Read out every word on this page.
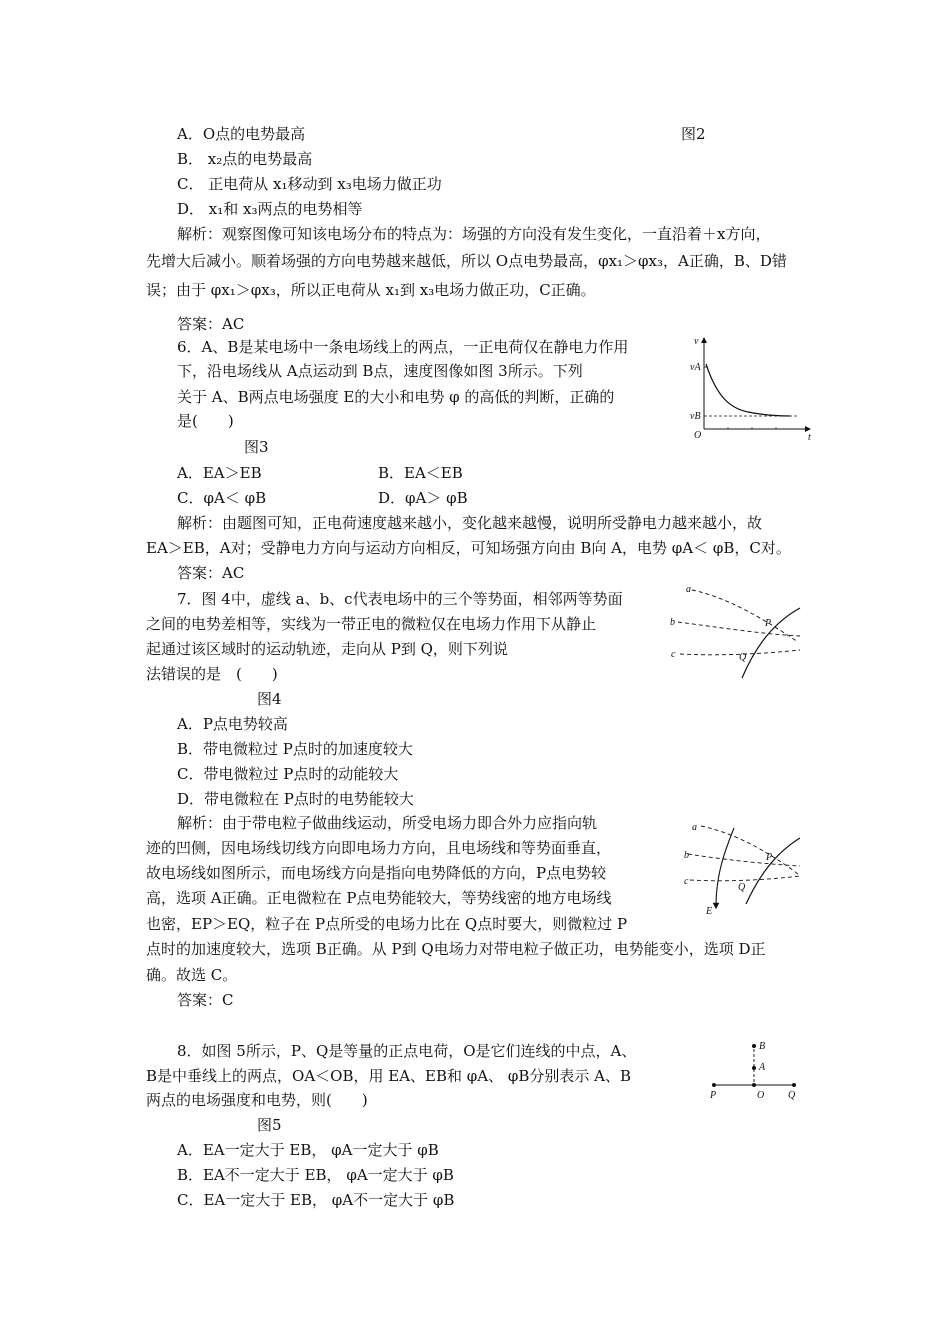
A．O点的电势最高	图2
B． x₂点的电势最高
C． 正电荷从 x₁移动到 x₃电场力做正功
D． x₁和 x₃两点的电势相等
解析：观察图像可知该电场分布的特点为：场强的方向没有发生变化，一直沿着＋x方向，
先增大后减小。顺着场强的方向电势越来越低，所以 O点电势最高，φx₁＞φx₃，A正确，B、D错
误；由于 φx₁＞φx₃，所以正电荷从 x₁到 x₃电场力做正功，C正确。
答案：AC
6．A、B是某电场中一条电场线上的两点，一正电荷仅在静电力作用
下，沿电场线从 A点运动到 B点，速度图像如图 3所示。下列
关于 A、B两点电场强度 E的大小和电势 φ 的高低的判断，正确的
是(　　)
图3
A．EA＞EB	B．EA＜EB
C．φA＜ φB	D．φA＞ φB
解析：由题图可知，正电荷速度越来越小，变化越来越慢，说明所受静电力越来越小，故
EA＞EB，A对；受静电力方向与运动方向相反，可知场强方向由 B向 A，电势 φA＜ φB，C对。
答案：AC
v
vA
vB
O	t
7．图 4中，虚线 a、b、c代表电场中的三个等势面，相邻两等势面
之间的电势差相等，实线为一带正电的微粒仅在电场力作用下从静止
起通过该区域时的运动轨迹，走向从 P到 Q，则下列说
法错误的是　(　　)
图4
A．P点电势较高
B．带电微粒过 P点时的加速度较大
C．带电微粒过 P点时的动能较大
D．带电微粒在 P点时的电势能较大
解析：由于带电粒子做曲线运动，所受电场力即合外力应指向轨
迹的凹侧，因电场线切线方向即电场力方向，且电场线和等势面垂直，
故电场线如图所示，而电场线方向是指向电势降低的方向，P点电势较
高，选项 A正确。正电微粒在 P点电势能较大，等势线密的地方电场线
也密，EP＞EQ，粒子在 P点所受的电场力比在 Q点时要大，则微粒过 P
点时的加速度较大，选项 B正确。从 P到 Q电场力对带电粒子做正功，电势能变小，选项 D正
确。故选 C。
答案：C
a
b
c
P
Q
a
b
c
P
Q
E
8．如图 5所示，P、Q是等量的正点电荷，O是它们连线的中点，A、
B是中垂线上的两点，OA＜OB，用 EA、EB和 φA、 φB分别表示 A、B
两点的电场强度和电势，则(　　)
图5
A．EA一定大于 EB， φA一定大于 φB
B．EA不一定大于 EB， φA一定大于 φB
C．EA一定大于 EB， φA不一定大于 φB
B
A
P	O Q
